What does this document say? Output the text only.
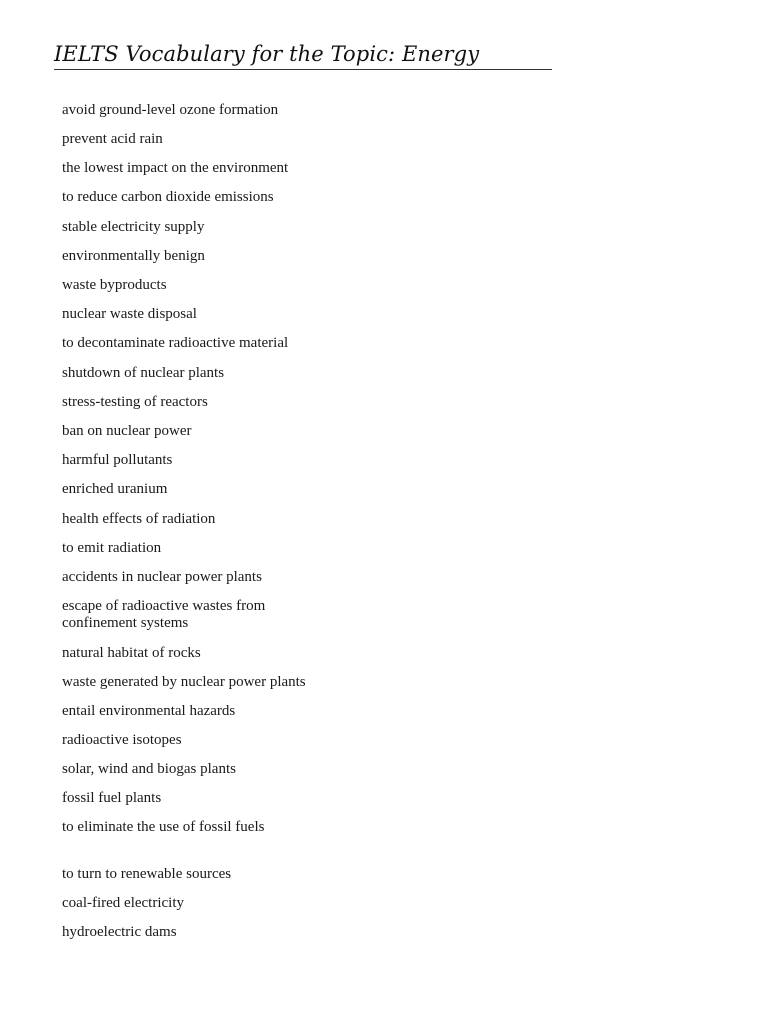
IELTS Vocabulary for the Topic: Energy
avoid ground-level ozone formation
prevent acid rain
the lowest impact on the environment
to reduce carbon dioxide emissions
stable electricity supply
environmentally benign
waste byproducts
nuclear waste disposal
to decontaminate radioactive material
shutdown of nuclear plants
stress-testing of reactors
ban on nuclear power
harmful pollutants
enriched uranium
health effects of radiation
to emit radiation
accidents in nuclear power plants
escape of radioactive wastes from
confinement systems
natural habitat of rocks
waste generated by nuclear power plants
entail environmental hazards
radioactive isotopes
solar, wind and biogas plants
fossil fuel plants
to eliminate the use of fossil fuels
to turn to renewable sources
coal-fired electricity
hydroelectric dams
